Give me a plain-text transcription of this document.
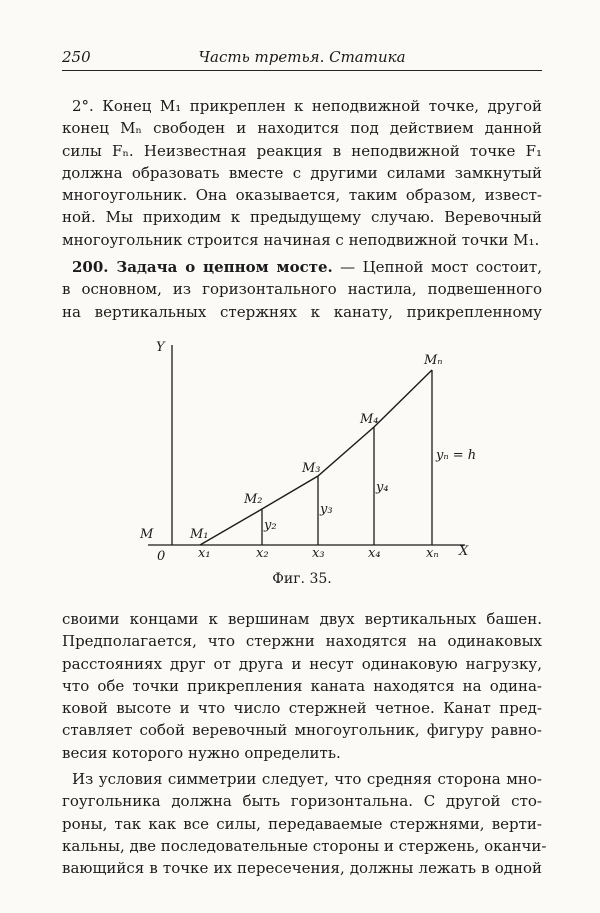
250	Часть третья. Статика
2°. Конец M₁ прикреплен к неподвижной точке, другой
конец Mₙ свободен и находится под действием данной
силы Fₙ. Неизвестная реакция в неподвижной точке F₁
должна образовать вместе с другими силами замкнутый
многоугольник. Она оказывается, таким образом, извест-
ной. Мы приходим к предыдущему случаю. Веревочный
многоугольник строится начиная с неподвижной точки M₁.
200. Задача о цепном мосте. — Цепной мост состоит,
в основном, из горизонтального настила, подвешенного
на вертикальных стержнях к канату, прикрепленному
Y
X
0
M	M₁
M₂
M₃
M₄
Mₙ
x₁	x₂	x₃	x₄	xₙ
y₂
y₃
y₄
yₙ = h
Фиг. 35.
своими концами к вершинам двух вертикальных башен.
Предполагается, что стержни находятся на одинаковых
расстояниях друг от друга и несут одинаковую нагрузку,
что обе точки прикрепления каната находятся на одина-
ковой высоте и что число стержней четное. Канат пред-
ставляет собой веревочный многоугольник, фигуру равно-
весия которого нужно определить.
Из условия симметрии следует, что средняя сторона мно-
гоугольника должна быть горизонтальна. С другой сто-
роны, так как все силы, передаваемые стержнями, верти-
кальны, две последовательные стороны и стержень, оканчи-
вающийся в точке их пересечения, должны лежать в одной
